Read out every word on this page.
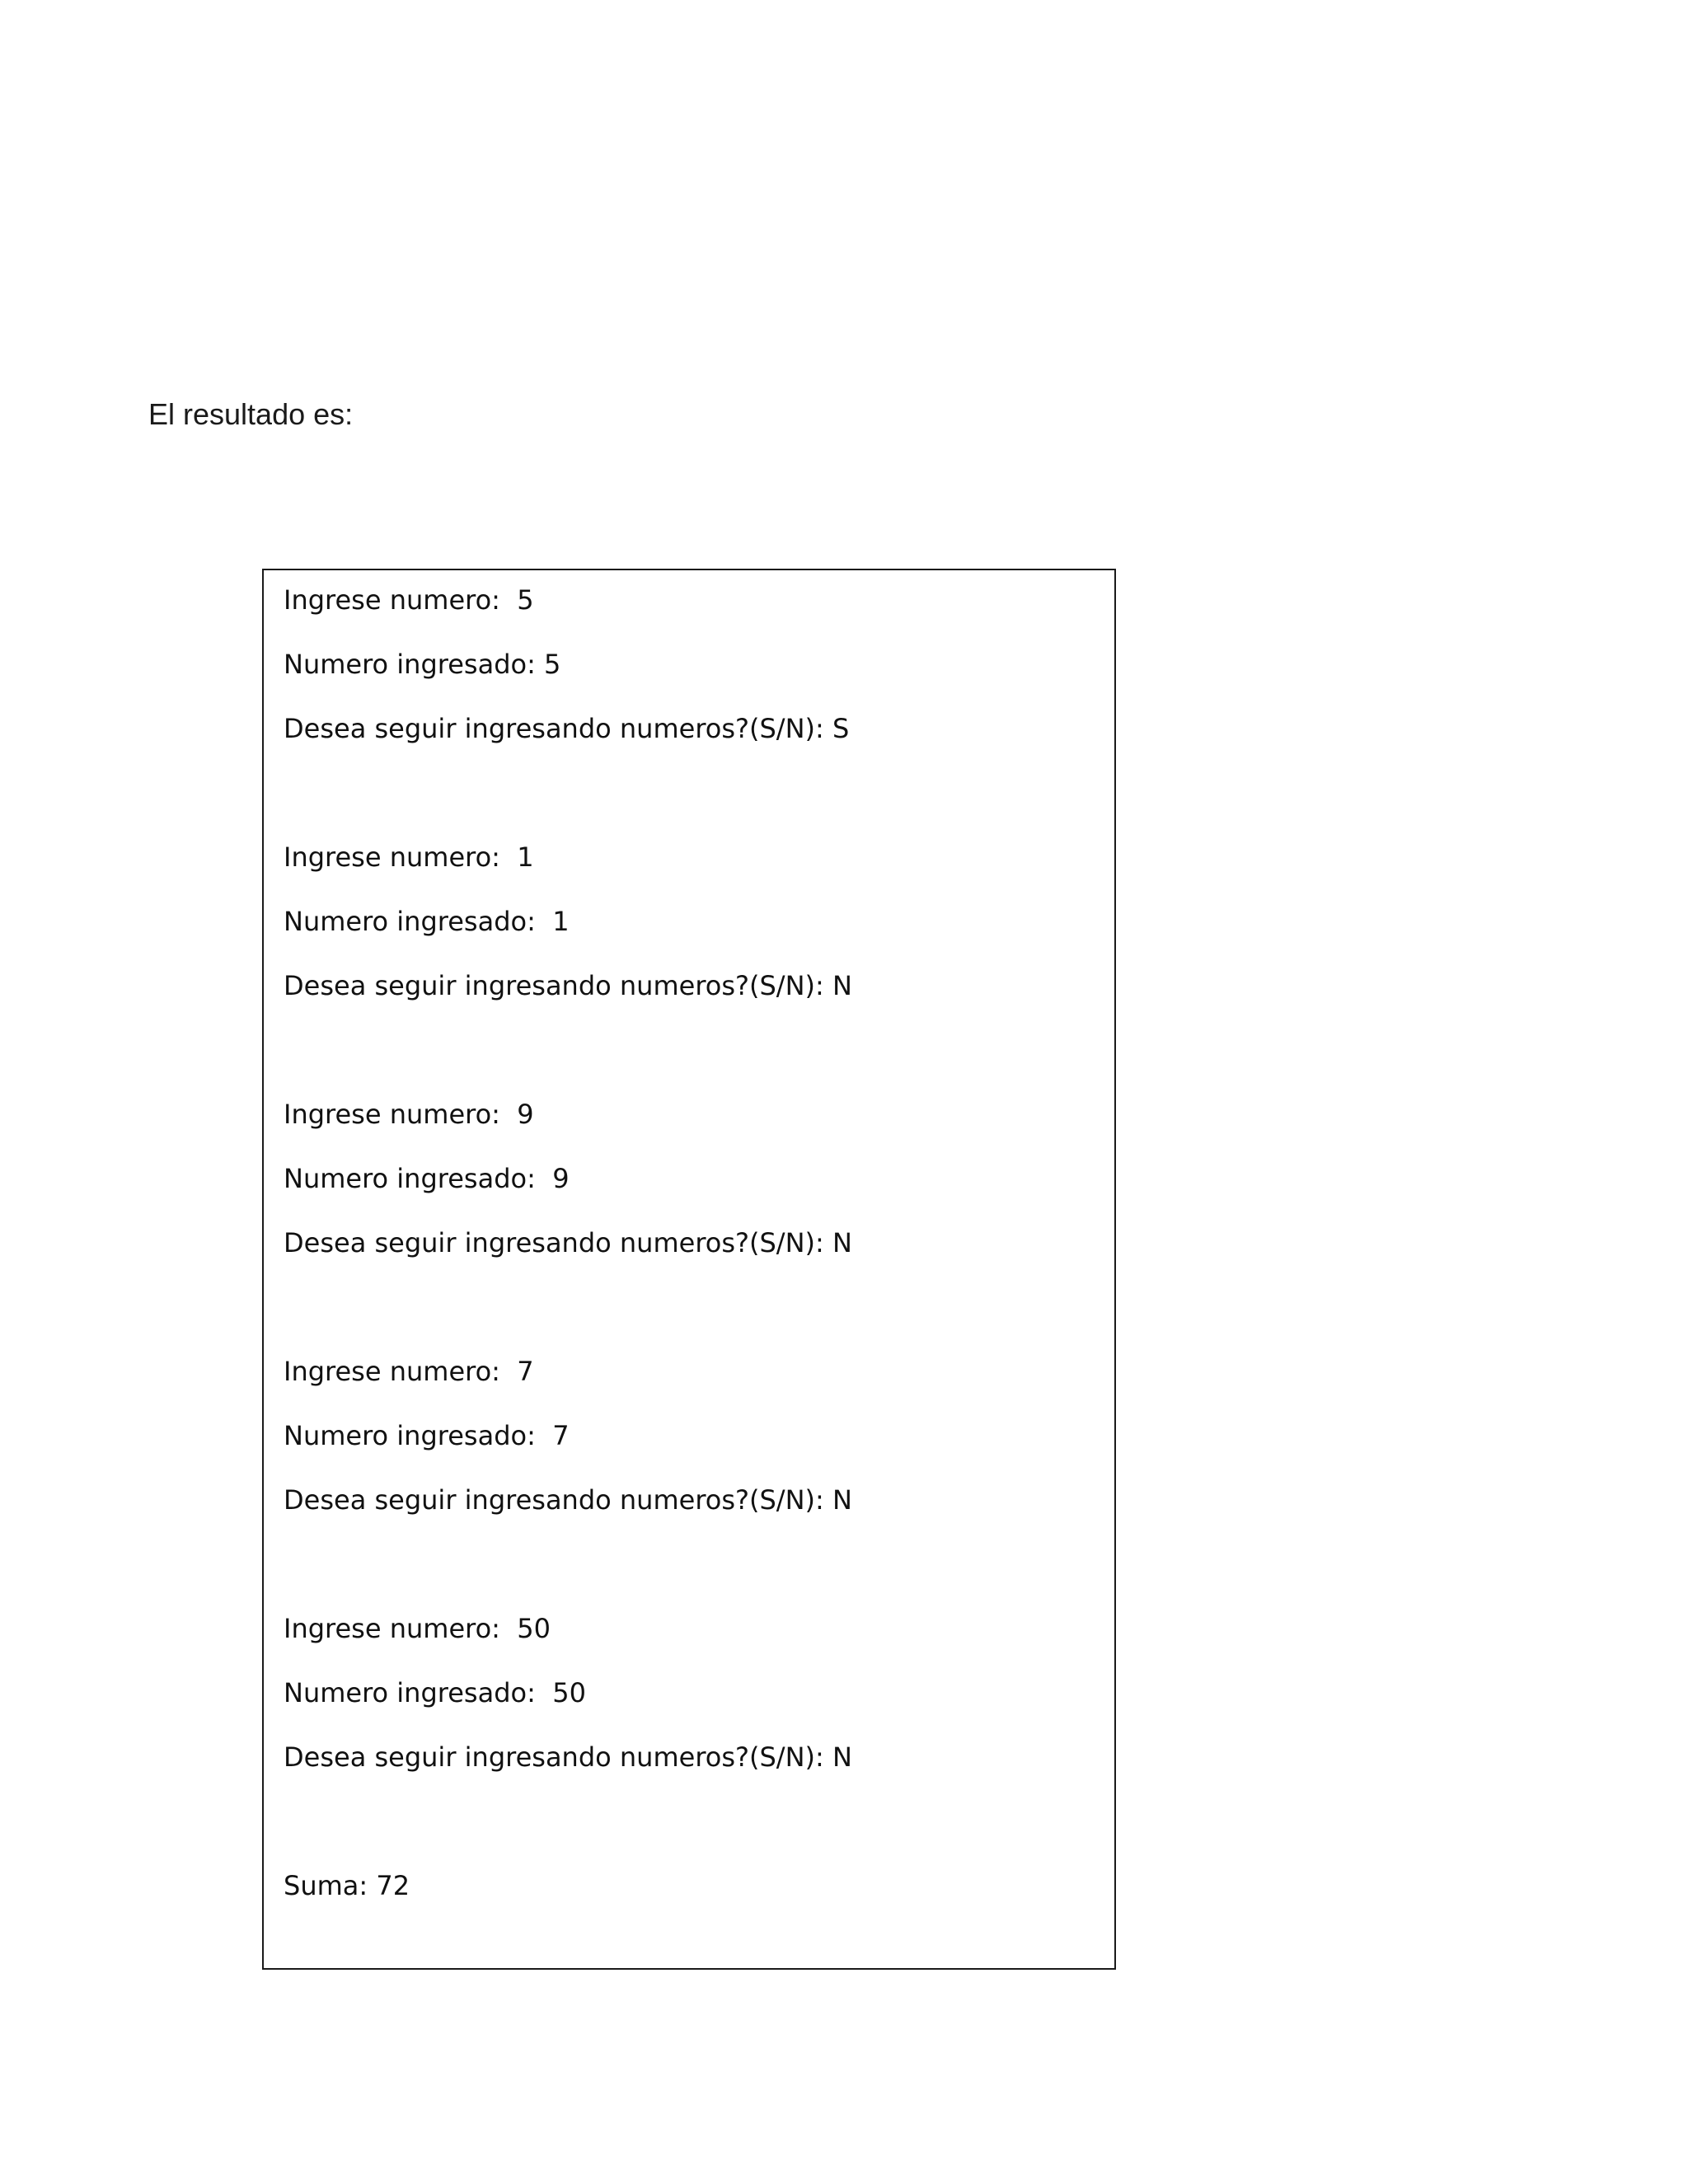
El resultado es:

Ingrese numero:  5
Numero ingresado: 5
Desea seguir ingresando numeros?(S/N): S
Ingrese numero:  1
Numero ingresado:  1
Desea seguir ingresando numeros?(S/N): N
Ingrese numero:  9
Numero ingresado:  9
Desea seguir ingresando numeros?(S/N): N
Ingrese numero:  7
Numero ingresado:  7
Desea seguir ingresando numeros?(S/N): N
Ingrese numero:  50
Numero ingresado:  50
Desea seguir ingresando numeros?(S/N): N
Suma: 72
